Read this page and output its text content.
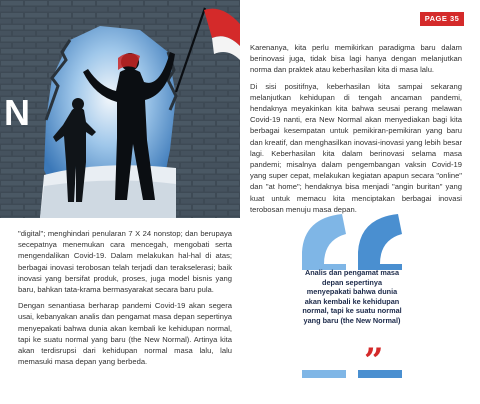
N
PAGE 35

Karenanya, kita perlu memikirkan paradigma baru dalam berinovasi juga, tidak bisa lagi hanya dengan melanjutkan norma dan praktek atau keberhasilan kita di masa lalu.

Di sisi positifnya, keberhasilan kita sampai sekarang melanjutkan kehidupan di tengah ancaman pandemi, hendaknya meyakinkan kita bahwa seusai perang melawan Covid-19 nanti, era New Normal akan menyediakan bagi kita berbagai kesempatan untuk pemikiran-pemikiran yang baru dan kreatif, dan menghasilkan inovasi-inovasi yang lebih besar lagi. Keberhasilan kita dalam berinovasi selama masa pandemi; misalnya dalam pengembangan vaksin Covid-19 yang super cepat, melakukan kegiatan apapun secara "online" dan "at home"; hendaknya bisa menjadi "angin buritan" yang kuat untuk memacu kita menciptakan berbagai inovasi terobosan menuju masa depan.

"digital"; menghindari penularan 7 X 24 nonstop; dan berupaya secepatnya menemukan cara mencegah, mengobati serta mengendalikan Covid-19. Dalam melakukan hal-hal di atas; berbagai inovasi terobosan telah terjadi dan terakselerasi; baik inovasi yang bersifat produk, proses, juga model bisnis yang baru, bahkan tata-krama bermasyarakat secara baru pula.

Dengan senantiasa berharap pandemi Covid-19 akan segera usai, kebanyakan analis dan pengamat masa depan sepertinya menyepakati bahwa dunia akan kembali ke kehidupan normal, tapi ke suatu normal yang baru (the New Normal). Artinya kita akan terdisrupsi dari kehidupan normal masa lalu, lalu memasuki masa depan yang berbeda.

Analis dan pengamat masa depan sepertinya menyepakati bahwa dunia akan kembali ke kehidupan normal, tapi ke suatu normal yang baru (the New Normal)
”
